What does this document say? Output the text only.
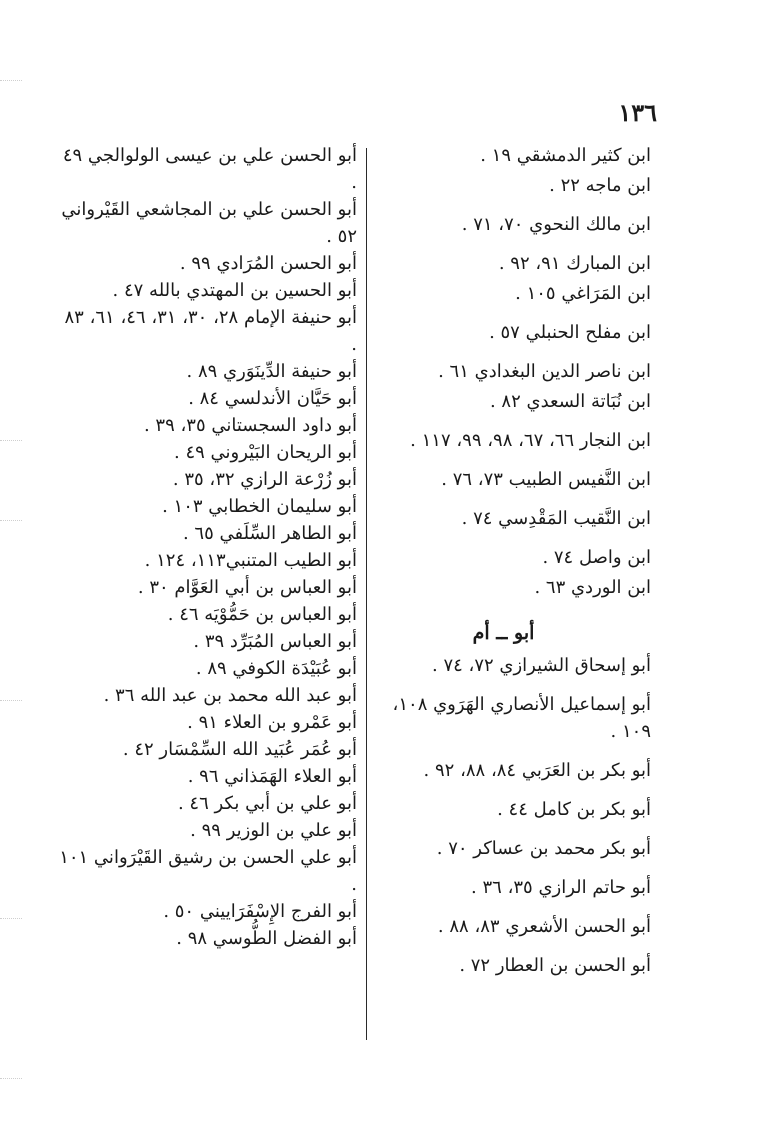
١٣٦

ابن كثير الدمشقي ١٩ .

ابن ماجه ٢٢ .

ابن مالك النحوي ٧٠، ٧١ .

ابن المبارك ٩١، ٩٢ .

ابن المَرَاغي ١٠٥ .

ابن مفلح الحنبلي ٥٧ .

ابن ناصر الدين البغدادي ٦١ .

ابن نُبَاتة السعدي ٨٢ .

ابن النجار ٦٦، ٦٧، ٩٨، ٩٩، ١١٧ .

ابن النَّفيس الطبيب ٧٣، ٧٦ .

ابن النَّقيب المَقْدِسي ٧٤ .

ابن واصل ٧٤ .

ابن الوردي ٦٣ .

أبو ــ أم

أبو إسحاق الشيرازي ٧٢، ٧٤ .

أبو إسماعيل الأنصاري الهَرَوي ١٠٨، ١٠٩ .

أبو بكر بن العَرَبي ٨٤، ٨٨، ٩٢ .

أبو بكر بن كامل ٤٤ .

أبو بكر محمد بن عساكر ٧٠ .

أبو حاتم الرازي ٣٥، ٣٦ .

أبو الحسن الأشعري ٨٣، ٨٨ .

أبو الحسن بن العطار ٧٢ .

أبو الحسن علي بن عيسى الولوالجي ٤٩ .

أبو الحسن علي بن المجاشعي القَيْرواني ٥٢ .

أبو الحسن المُرَادي ٩٩ .

أبو الحسين بن المهتدي بالله ٤٧ .

أبو حنيفة الإمام ٢٨، ٣٠، ٣١، ٤٦، ٦١، ٨٣ .

أبو حنيفة الدِّينَوَري ٨٩ .

أبو حَيَّان الأندلسي ٨٤ .

أبو داود السجستاني ٣٥، ٣٩ .

أبو الريحان البَيْروني ٤٩ .

أبو زُرْعة الرازي ٣٢، ٣٥ .

أبو سليمان الخطابي ١٠٣ .

أبو الطاهر السِّلَفي ٦٥ .

أبو الطيب المتنبي١١٣، ١٢٤ .

أبو العباس بن أبي العَوَّام ٣٠ .

أبو العباس بن حَمُّوْيَه ٤٦ .

أبو العباس المُبَرِّد ٣٩ .

أبو عُبَيْدَة الكوفي ٨٩ .

أبو عبد الله محمد بن عبد الله ٣٦ .

أبو عَمْرو بن العلاء ٩١ .

أبو عُمَر عُبَيد الله السِّمْسَار ٤٢ .

أبو العلاء الهَمَذاني ٩٦ .

أبو علي بن أبي بكر ٤٦ .

أبو علي بن الوزير ٩٩ .

أبو علي الحسن بن رشيق القَيْرَواني ١٠١ .

أبو الفرج الإِسْفَرَاييني ٥٠ .

أبو الفضل الطُّوسي ٩٨ .
